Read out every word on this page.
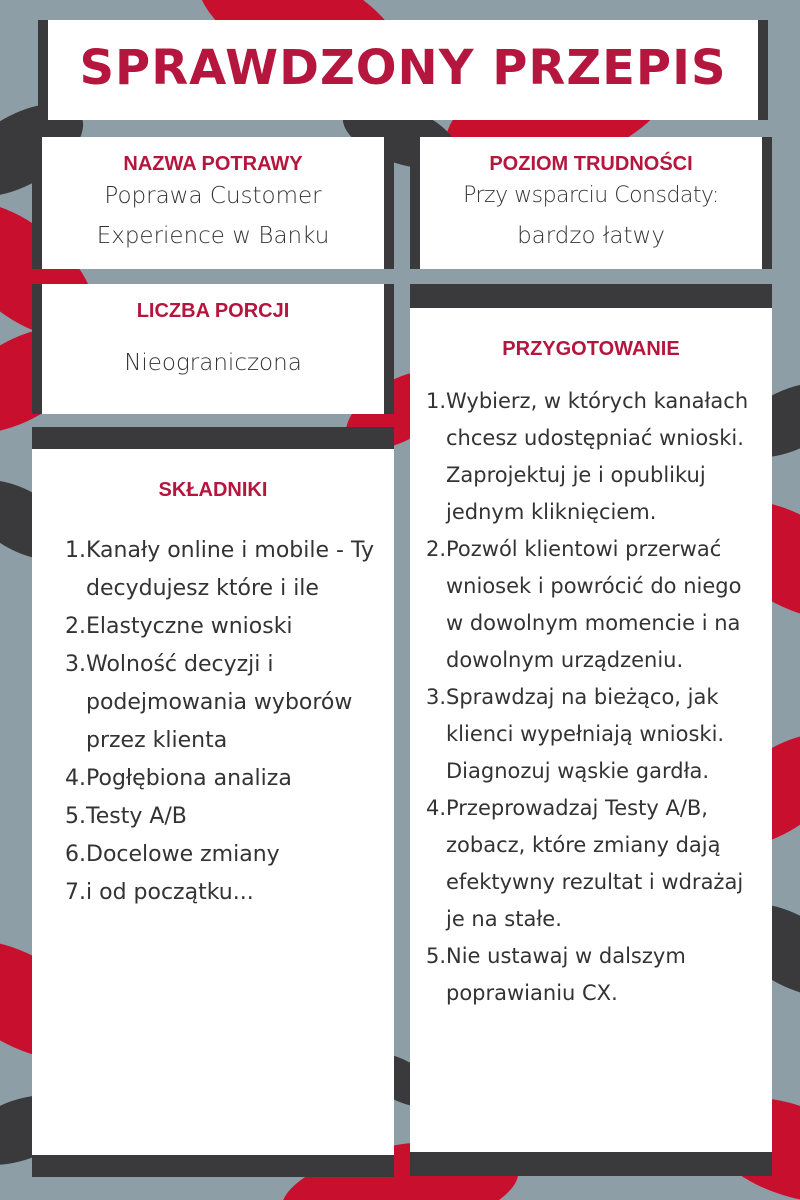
SPRAWDZONY PRZEPIS
NAZWA POTRAWY
Poprawa Customer
Experience w Banku
POZIOM TRUDNOŚCI
Przy wsparciu Consdaty:
bardzo łatwy
LICZBA PORCJI
Nieograniczona
SKŁADNIKI
1. Kanały online i mobile - Ty decydujesz które i ile
2. Elastyczne wnioski
3. Wolność decyzji i podejmowania wyborów przez klienta
4. Pogłębiona analiza
5. Testy A/B
6. Docelowe zmiany
7. i od początku...
PRZYGOTOWANIE
1. Wybierz, w których kanałach chcesz udostępniać wnioski. Zaprojektuj je i opublikuj jednym kliknięciem.
2. Pozwól klientowi przerwać wniosek i powrócić do niego w dowolnym momencie i na dowolnym urządzeniu.
3. Sprawdzaj na bieżąco, jak klienci wypełniają wnioski. Diagnozuj wąskie gardła.
4. Przeprowadzaj Testy A/B, zobacz, które zmiany dają efektywny rezultat i wdrażaj je na stałe.
5. Nie ustawaj w dalszym poprawianiu CX.
